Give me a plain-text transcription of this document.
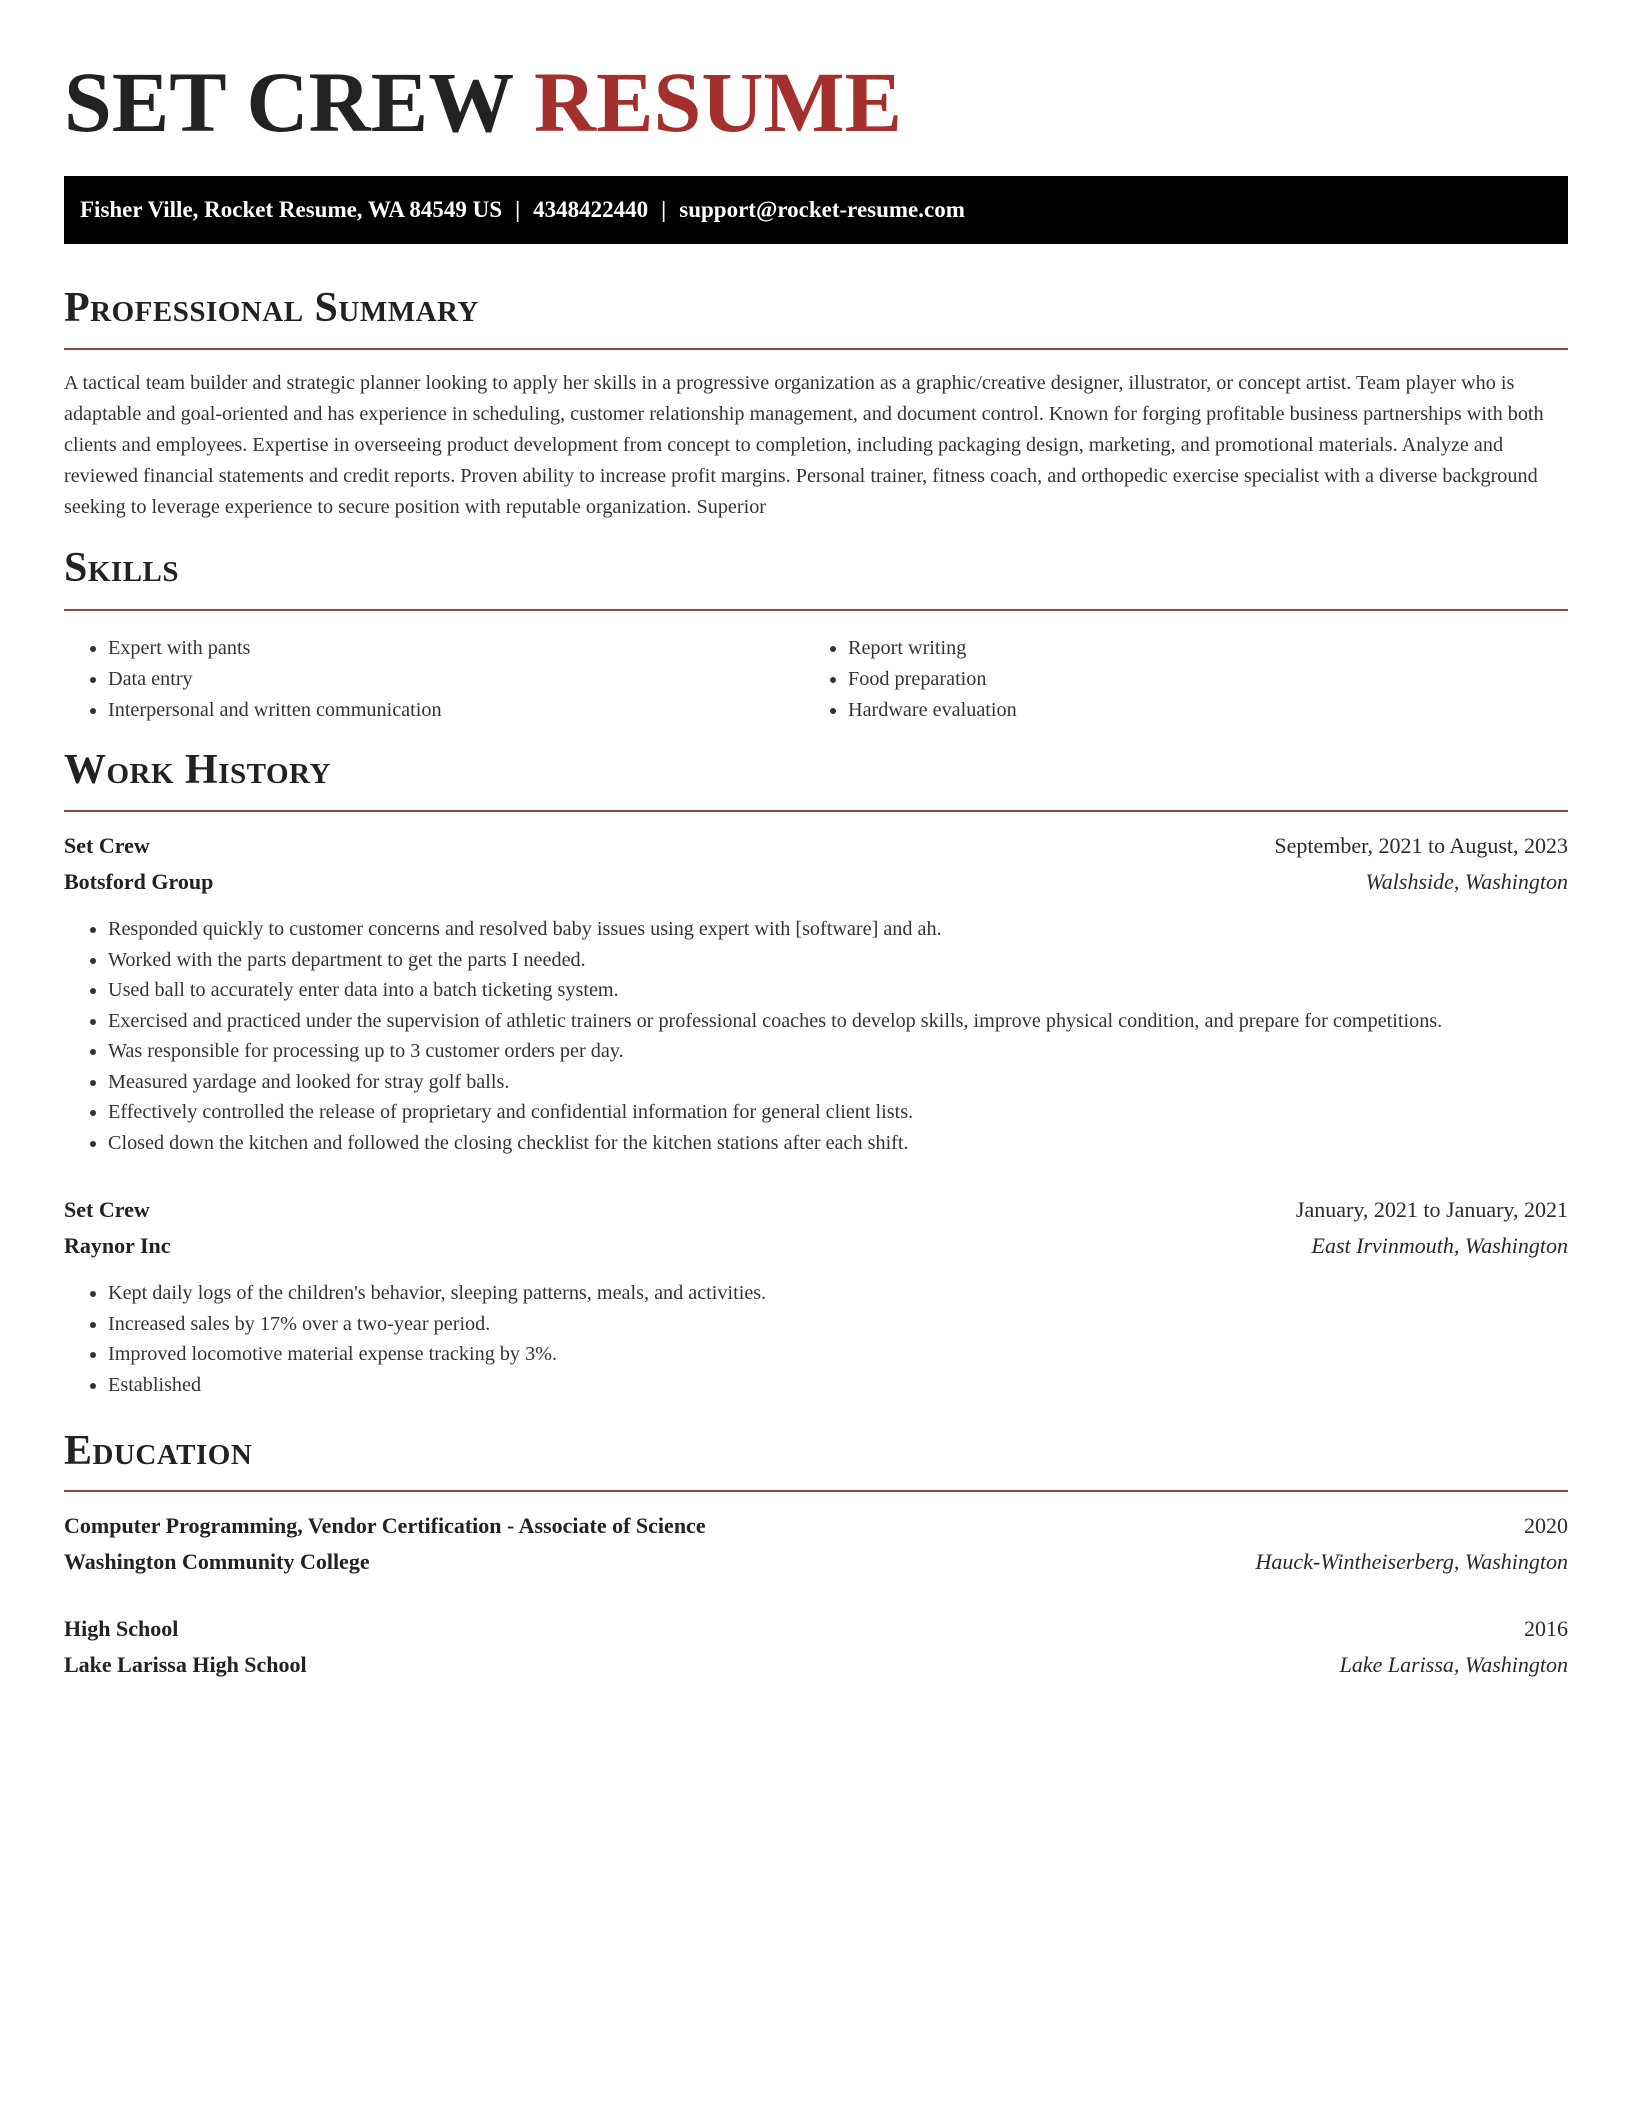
SET CREW RESUME
Fisher Ville, Rocket Resume, WA 84549 US | 4348422440 | support@rocket-resume.com
Professional Summary

A tactical team builder and strategic planner looking to apply her skills in a progressive organization as a graphic/creative designer, illustrator, or concept artist. Team player who is adaptable and goal-oriented and has experience in scheduling, customer relationship management, and document control. Known for forging profitable business partnerships with both clients and employees. Expertise in overseeing product development from concept to completion, including packaging design, marketing, and promotional materials. Analyze and reviewed financial statements and credit reports. Proven ability to increase profit margins. Personal trainer, fitness coach, and orthopedic exercise specialist with a diverse background seeking to leverage experience to secure position with reputable organization. Superior

Skills
• Expert with pants
• Data entry
• Interpersonal and written communication
• Report writing
• Food preparation
• Hardware evaluation
Work History
Set Crew	September, 2021 to August, 2023
Botsford Group	Walshside, Washington
• Responded quickly to customer concerns and resolved baby issues using expert with [software] and ah.
• Worked with the parts department to get the parts I needed.
• Used ball to accurately enter data into a batch ticketing system.
• Exercised and practiced under the supervision of athletic trainers or professional coaches to develop skills, improve physical condition, and prepare for competitions.
• Was responsible for processing up to 3 customer orders per day.
• Measured yardage and looked for stray golf balls.
• Effectively controlled the release of proprietary and confidential information for general client lists.
• Closed down the kitchen and followed the closing checklist for the kitchen stations after each shift.
Set Crew	January, 2021 to January, 2021
Raynor Inc	East Irvinmouth, Washington
• Kept daily logs of the children's behavior, sleeping patterns, meals, and activities.
• Increased sales by 17% over a two-year period.
• Improved locomotive material expense tracking by 3%.
• Established
Education
Computer Programming, Vendor Certification - Associate of Science	2020
Washington Community College	Hauck-Wintheiserberg, Washington
High School	2016
Lake Larissa High School	Lake Larissa, Washington
